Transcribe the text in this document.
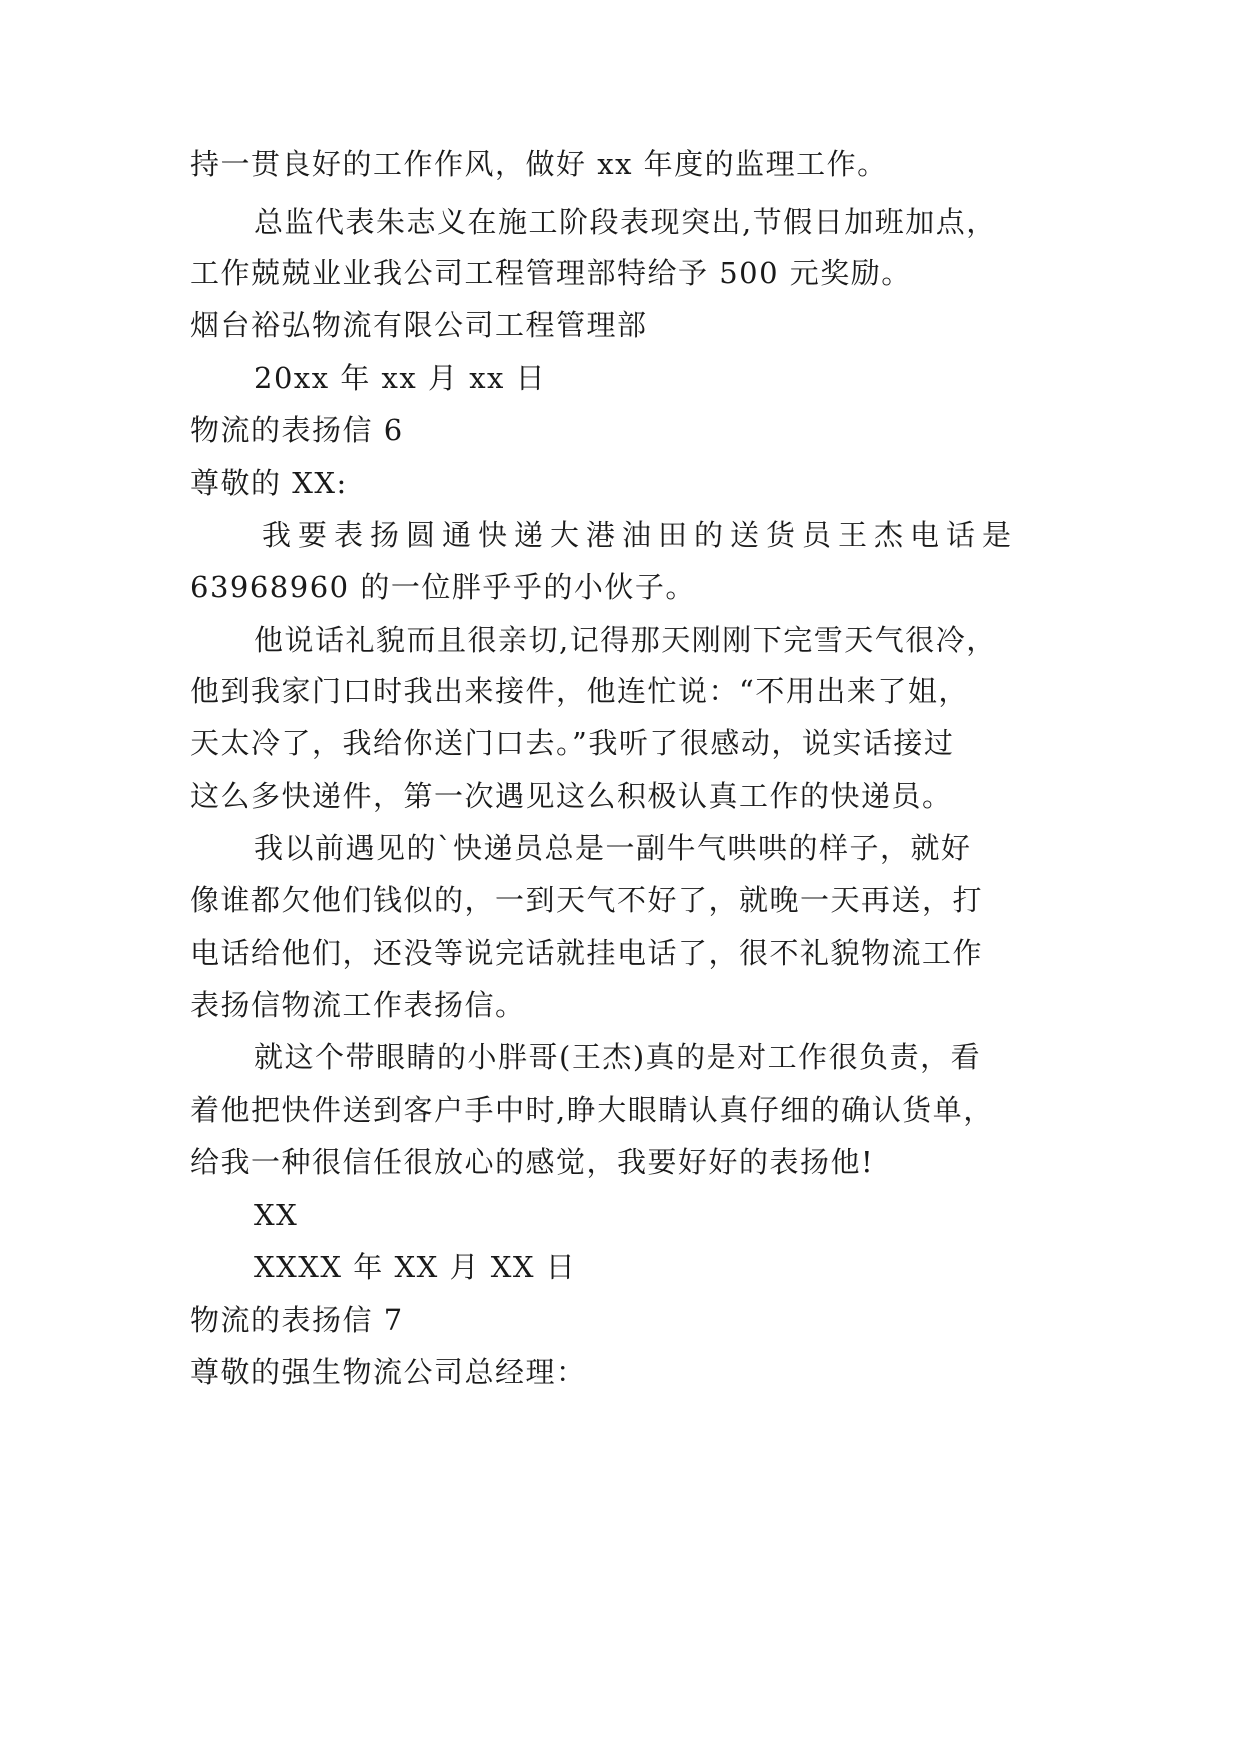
持一贯良好的工作作风，做好 xx 年度的监理工作。

总监代表朱志义在施工阶段表现突出,节假日加班加点，

工作兢兢业业我公司工程管理部特给予 500 元奖励。

烟台裕弘物流有限公司工程管理部

20xx 年 xx 月 xx 日

物流的表扬信 6

尊敬的 XX:

我要表扬圆通快递大港油田的送货员王杰电话是

63968960 的一位胖乎乎的小伙子。

他说话礼貌而且很亲切,记得那天刚刚下完雪天气很冷，

他到我家门口时我出来接件，他连忙说：“不用出来了姐，

天太冷了，我给你送门口去。”我听了很感动，说实话接过

这么多快递件，第一次遇见这么积极认真工作的快递员。

我以前遇见的`快递员总是一副牛气哄哄的样子，就好

像谁都欠他们钱似的，一到天气不好了，就晚一天再送，打

电话给他们，还没等说完话就挂电话了，很不礼貌物流工作

表扬信物流工作表扬信。

就这个带眼睛的小胖哥(王杰)真的是对工作很负责，看

着他把快件送到客户手中时,睁大眼睛认真仔细的确认货单，

给我一种很信任很放心的感觉，我要好好的表扬他!

XX

XXXX 年 XX 月 XX 日

物流的表扬信 7

尊敬的强生物流公司总经理：
